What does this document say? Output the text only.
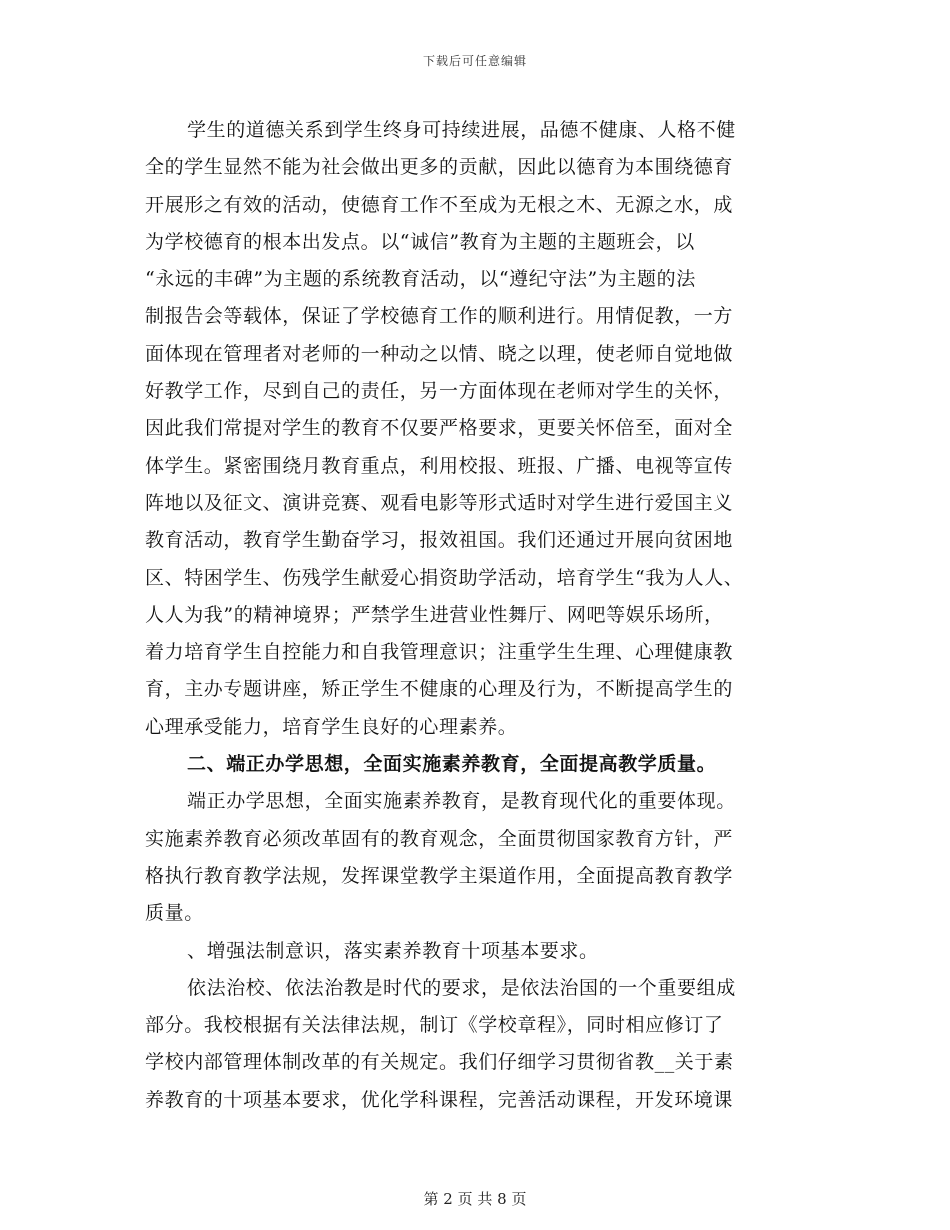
下载后可任意编辑
学生的道德关系到学生终身可持续进展，品德不健康、人格不健
全的学生显然不能为社会做出更多的贡献，因此以德育为本围绕德育
开展形之有效的活动，使德育工作不至成为无根之木、无源之水，成
为学校德育的根本出发点。以“诚信”教育为主题的主题班会，以
“永远的丰碑”为主题的系统教育活动，以“遵纪守法”为主题的法
制报告会等载体，保证了学校德育工作的顺利进行。用情促教，一方
面体现在管理者对老师的一种动之以情、晓之以理，使老师自觉地做
好教学工作，尽到自己的责任，另一方面体现在老师对学生的关怀，
因此我们常提对学生的教育不仅要严格要求，更要关怀倍至，面对全
体学生。紧密围绕月教育重点，利用校报、班报、广播、电视等宣传
阵地以及征文、演讲竞赛、观看电影等形式适时对学生进行爱国主义
教育活动，教育学生勤奋学习，报效祖国。我们还通过开展向贫困地
区、特困学生、伤残学生献爱心捐资助学活动，培育学生“我为人人、
人人为我”的精神境界；严禁学生进营业性舞厅、网吧等娱乐场所，
着力培育学生自控能力和自我管理意识；注重学生生理、心理健康教
育，主办专题讲座，矫正学生不健康的心理及行为，不断提高学生的
心理承受能力，培育学生良好的心理素养。
二、端正办学思想，全面实施素养教育，全面提高教学质量。
端正办学思想，全面实施素养教育，是教育现代化的重要体现。
实施素养教育必须改革固有的教育观念，全面贯彻国家教育方针，严
格执行教育教学法规，发挥课堂教学主渠道作用，全面提高教育教学
质量。
、增强法制意识，落实素养教育十项基本要求。
依法治校、依法治教是时代的要求，是依法治国的一个重要组成
部分。我校根据有关法律法规，制订《学校章程》，同时相应修订了
学校内部管理体制改革的有关规定。我们仔细学习贯彻省教__关于素
养教育的十项基本要求，优化学科课程，完善活动课程，开发环境课
第 2 页 共 8 页
